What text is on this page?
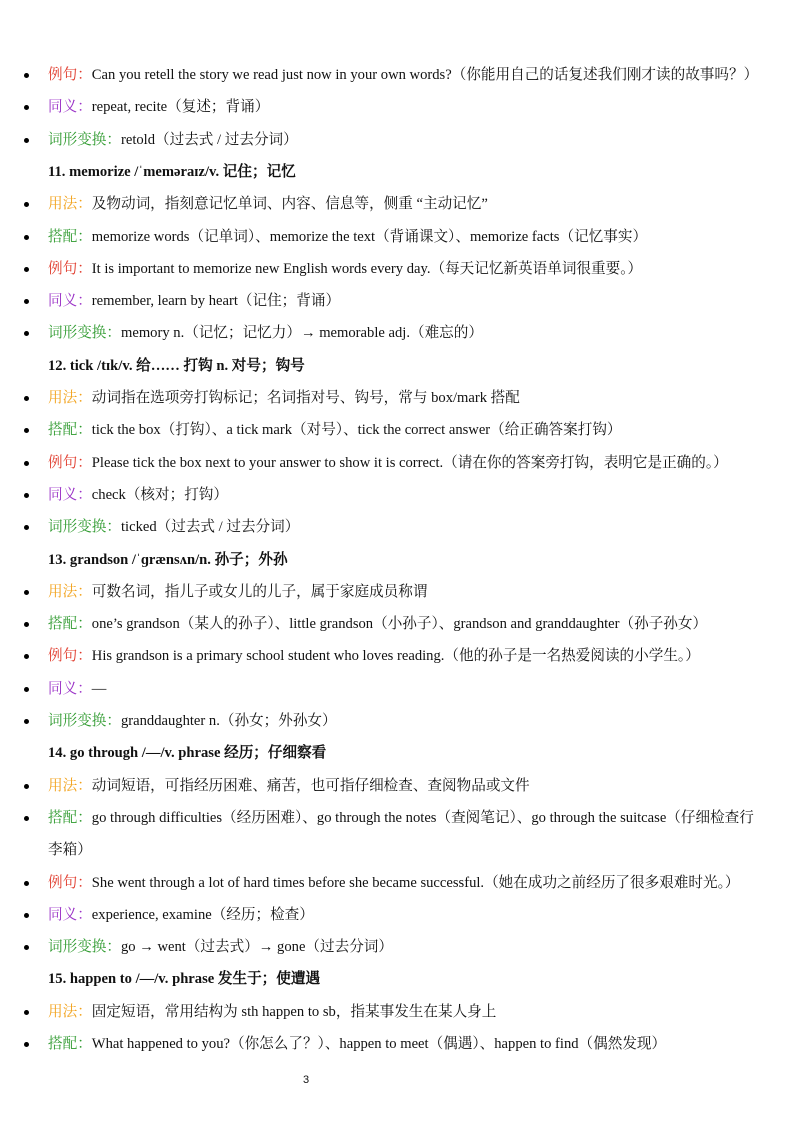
例句：Can you retell the story we read just now in your own words?（你能用自己的话复述我们刚才读的故事吗？）
同义：repeat, recite（复述；背诵）
词形变换：retold（过去式 / 过去分词）
11. memorize /ˈmeməraɪz/v. 记住；记忆
用法：及物动词，指刻意记忆单词、内容、信息等，侧重 “主动记忆”
搭配：memorize words（记单词）、memorize the text（背诵课文）、memorize facts（记忆事实）
例句：It is important to memorize new English words every day.（每天记忆新英语单词很重要。）
同义：remember, learn by heart（记住；背诵）
词形变换：memory n.（记忆；记忆力）→ memorable adj.（难忘的）
12. tick /tɪk/v. 给…… 打钩 n. 对号；钩号
用法：动词指在选项旁打钩标记；名词指对号、钩号，常与 box/mark 搭配
搭配：tick the box（打钩）、a tick mark（对号）、tick the correct answer（给正确答案打钩）
例句：Please tick the box next to your answer to show it is correct.（请在你的答案旁打钩，表明它是正确的。）
同义：check（核对；打钩）
词形变换：ticked（过去式 / 过去分词）
13. grandson /ˈɡrænsʌn/n. 孙子；外孙
用法：可数名词，指儿子或女儿的儿子，属于家庭成员称谓
搭配：one’s grandson（某人的孙子）、little grandson（小孙子）、grandson and granddaughter（孙子孙女）
例句：His grandson is a primary school student who loves reading.（他的孙子是一名热爱阅读的小学生。）
同义：—
词形变换：granddaughter n.（孙女；外孙女）
14. go through /—/v. phrase 经历；仔细察看
用法：动词短语，可指经历困难、痛苦，也可指仔细检查、查阅物品或文件
搭配：go through difficulties（经历困难）、go through the notes（查阅笔记）、go through the suitcase（仔细检查行
李箱）
例句：She went through a lot of hard times before she became successful.（她在成功之前经历了很多艰难时光。）
同义：experience, examine（经历；检查）
词形变换：go → went（过去式）→ gone（过去分词）
15. happen to /—/v. phrase 发生于；使遭遇
用法：固定短语，常用结构为 sth happen to sb，指某事发生在某人身上
搭配：What happened to you?（你怎么了？）、happen to meet（偶遇）、happen to find（偶然发现）
3
